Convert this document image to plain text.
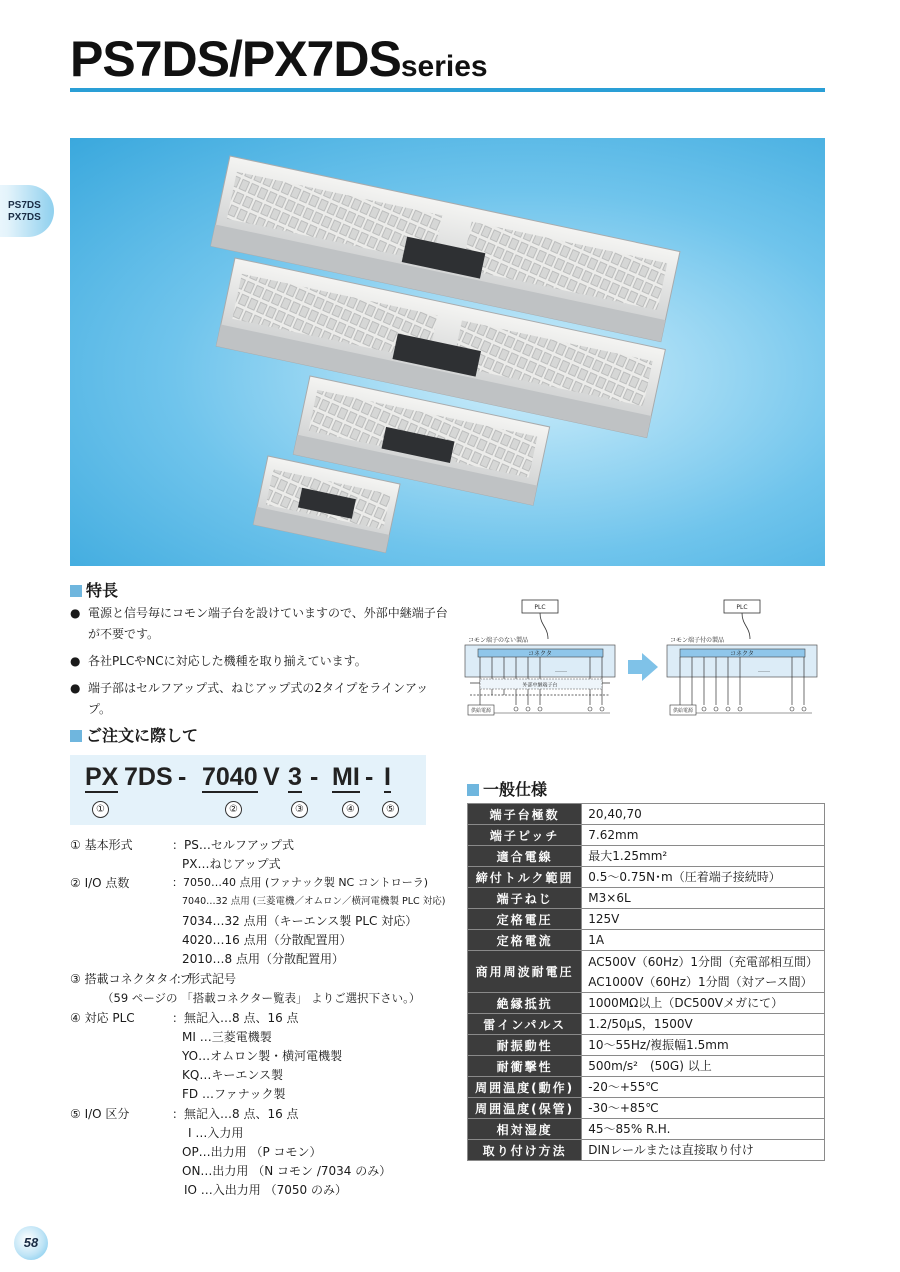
PS7DS/PX7DSseries
PS7DS
PX7DS
特長
● 電源と信号毎にコモン端子台を設けていますので、外部中継端子台が不要です。
● 各社PLCやNCに対応した機種を取り揃えています。
● 端子部はセルフアップ式、ねじアップ式の2タイプをラインアップ。
PLC
コモン端子のない製品
コネクタ
……
外部中継端子台
供給電源
PLC
コモン端子付の製品
コネクタ
……
供給電源
ご注文に際して
PX 7DS - 7040 V 3 - MI - I
①	②	③	④	⑤
① 基本形式	：PS…セルフアップ式
PX…ねじアップ式
② I/O 点数	：7050…40 点用 (ファナック製 NC コントローラ)
7040…32 点用 (三菱電機／オムロン／横河電機製 PLC 対応)
7034…32 点用（キーエンス製 PLC 対応）
4020…16 点用（分散配置用）
2010…8 点用（分散配置用）
③ 搭載コネクタタイプ
：形式記号
（59 ページの 「搭載コネクター覧表」 よりご選択下さい。）
④ 対応 PLC	：無記入…8 点、16 点
MI …三菱電機製
YO…オムロン製・横河電機製
KQ…キーエンス製
FD …ファナック製
⑤ I/O 区分	：無記入…8 点、16 点
I …入力用
OP…出力用 （P コモン）
ON…出力用 （N コモン /7034 のみ）
IO …入出力用 （7050 のみ）
一般仕様
端子台極数	20,40,70

端子ピッチ	7.62mm

適合電線	最大1.25mm²

締付トルク範囲	0.5〜0.75N･m（圧着端子接続時）

端子ねじ	M3×6L

定格電圧	125V

定格電流	1A

商用周波耐電圧	AC500V（60Hz）1分間（充電部相互間）
AC1000V（60Hz）1分間（対アース間）

絶縁抵抗	1000MΩ以上（DC500Vメガにて）

雷インパルス	1.2/50μS，1500V

耐振動性	10〜55Hz/複振幅1.5mm

耐衝撃性	500m/s²　(50G) 以上

周囲温度(動作)	-20〜+55℃

周囲温度(保管)	-30〜+85℃

相対湿度	45〜85% R.H.

取り付け方法	DINレールまたは直接取り付け
58
